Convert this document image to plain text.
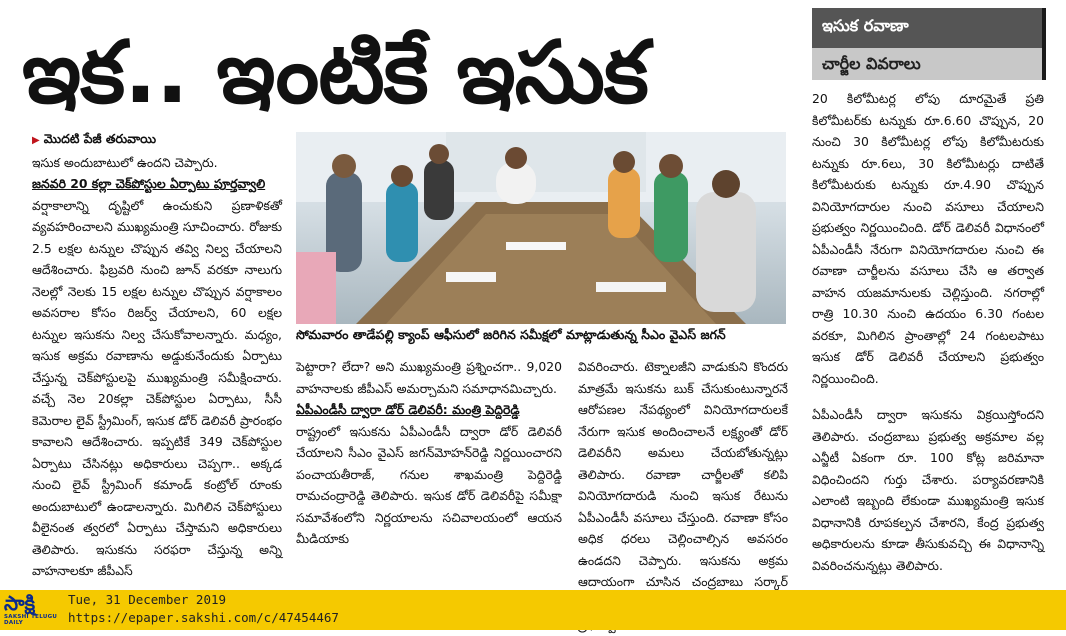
ఇక.. ఇంటికే ఇసుక	ఇసుక రవాణా
చార్జీల వివరాలు

▶ మొదటి పేజీ తరువాయి

ఇసుక అందుబాటులో ఉందని చెప్పారు.

జనవరి 20 కల్లా చెక్‌పోస్టుల ఏర్పాటు పూర్తవ్వాలి

వర్షాకాలాన్ని దృష్టిలో ఉంచుకుని ప్రణాళికతో వ్యవహరించాలని ముఖ్యమంత్రి సూచించారు. రోజుకు 2.5 లక్షల టన్నుల చొప్పున తవ్వి నిల్వ చేయాలని ఆదేశించారు. ఫిబ్రవరి నుంచి జూన్ వరకూ నాలుగు నెలల్లో నెలకు 15 లక్షల టన్నుల చొప్పున వర్షాకాలం అవసరాల కోసం రిజర్వ్ చేయాలని, 60 లక్షల టన్నుల ఇసుకను నిల్వ చేసుకోవాలన్నారు. మధ్యం, ఇసుక అక్రమ రవాణాను అడ్డుకునేందుకు ఏర్పాటు చేస్తున్న చెక్‌పోస్టులపై ముఖ్యమంత్రి సమీక్షించారు. వచ్చే నెల 20కల్లా చెక్‌పోస్టుల ఏర్పాటు, సీసీ కెమెరాల లైవ్ స్ట్రీమింగ్, ఇసుక డోర్ డెలివరీ ప్రారంభం కావాలని ఆదేశించారు. ఇప్పటికే 349 చెక్‌పోస్టుల ఏర్పాటు చేసినట్లు అధికారులు చెప్పగా.. అక్కడ నుంచి లైవ్ స్ట్రీమింగ్ కమాండ్ కంట్రోల్ రూంకు అందుబాటులో ఉండాలన్నారు. మిగిలిన చెక్‌పోస్టులు వీలైనంత త్వరలో ఏర్పాటు చేస్తామని అధికారులు తెలిపారు. ఇసుకను సరఫరా చేస్తున్న అన్ని వాహనాలకూ జీపీఎస్

సోమవారం తాడేపల్లి క్యాంప్ ఆఫీసులో జరిగిన సమీక్షలో మాట్లాడుతున్న సీఎం వైఎస్ జగన్

పెట్టారా? లేదా? అని ముఖ్యమంత్రి ప్రశ్నించగా.. 9,020 వాహనాలకు జీపీఎస్ అమర్చామని సమాధానమిచ్చారు.

ఏపీఎండీసీ ద్వారా డోర్ డెలివరీ: మంత్రి పెద్దిరెడ్డి

రాష్ట్రంలో ఇసుకను ఏపీఎండీసీ ద్వారా డోర్ డెలివరీ చేయాలని సీఎం వైఎస్ జగన్‌మోహన్‌రెడ్డి నిర్ణయించారని పంచాయతీరాజ్, గనుల శాఖమంత్రి పెద్దిరెడ్డి రామచంద్రారెడ్డి తెలిపారు. ఇసుక డోర్ డెలివరీపై సమీక్షా సమావేశంలోని నిర్ణయాలను సచివాలయంలో ఆయన మీడియాకు

వివరించారు. టెక్నాలజీని వాడుకుని కొందరు మాత్రమే ఇసుకను బుక్ చేసుకుంటున్నారనే ఆరోపణల నేపథ్యంలో వినియోగదారులకే నేరుగా ఇసుక అందించాలనే లక్ష్యంతో డోర్ డెలివరీని అమలు చేయబోతున్నట్లు తెలిపారు. రవాణా చార్జీలతో కలిపి వినియోగదారుడి నుంచి ఇసుక రేటును ఏపీఎండీసీ వసూలు చేస్తుంది. రవాణా కోసం అధిక ధరలు చెల్లించాల్సిన అవసరం ఉండదని చెప్పారు. ఇసుకను అక్రమ ఆదాయంగా చూసిన చంద్రబాబు సర్కార్

20 కిలోమీటర్ల లోపు దూరమైతే ప్రతి కిలోమీటర్‌కు టన్నుకు రూ.6.60 చొప్పున, 20 నుంచి 30 కిలోమీటర్ల లోపు కిలోమీటరుకు టన్నుకు రూ.6లు, 30 కిలోమీటర్లు దాటితే కిలోమీటరుకు టన్నుకు రూ.4.90 చొప్పున వినియోగదారుల నుంచి వసూలు చేయాలని ప్రభుత్వం నిర్ణయించింది. డోర్ డెలివరీ విధానంలో ఏపీఎండీసీ నేరుగా వినియోగదారుల నుంచి ఈ రవాణా చార్జీలను వసూలు చేసి ఆ తర్వాత వాహన యజమానులకు చెల్లిస్తుంది. నగరాల్లో రాత్రి 10.30 నుంచి ఉదయం 6.30 గంటల వరకూ, మిగిలిన ప్రాంతాల్లో 24 గంటలపాటు ఇసుక డోర్ డెలివరీ చేయాలని ప్రభుత్వం నిర్ణయించింది.

ఏపీఎండీసీ ద్వారా ఇసుకను విక్రయిస్తోందని తెలిపారు. చంద్రబాబు ప్రభుత్వ అక్రమాల వల్ల ఎన్జీటీ ఏకంగా రూ. 100 కోట్ల జరిమానా విధించిందని గుర్తు చేశారు. పర్యావరణానికి ఎలాంటి ఇబ్బంది లేకుండా ముఖ్యమంత్రి ఇసుక విధానానికి రూపకల్పన చేశారని, కేంద్ర ప్రభుత్వ అధికారులను కూడా తీసుకువచ్చి ఈ విధానాన్ని వివరించనున్నట్లు తెలిపారు.

సాక్షి
SAKSHI TELUGU DAILY
Tue, 31 December 2019
https://epaper.sakshi.com/c/47454467
